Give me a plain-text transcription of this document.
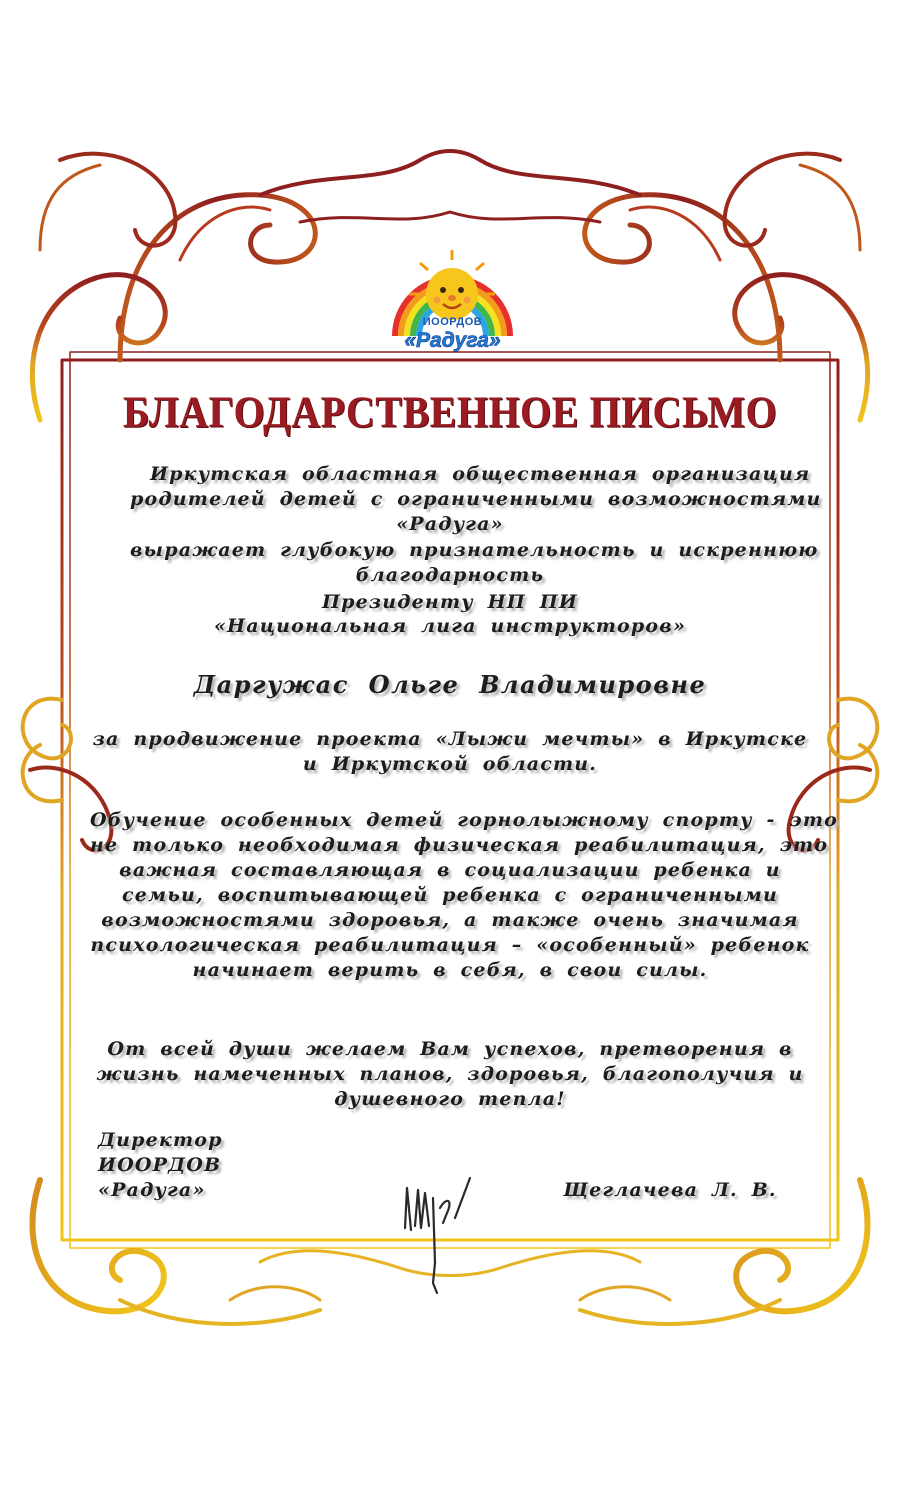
ИООРДОВ
«Радуга»
БЛАГОДАРСТВЕННОЕ ПИСЬМО
Иркутская областная общественная организация
родителей детей с ограниченными возможностями
«Радуга»
выражает глубокую признательность и искреннюю
благодарность
Президенту НП ПИ
«Национальная лига инструкторов»
Даргужас Ольге Владимировне
за продвижение проекта «Лыжи мечты» в Иркутске
и Иркутской области.
Обучение особенных детей горнолыжному спорту - это
не только необходимая физическая реабилитация, это
важная составляющая в социализации ребенка и
семьи, воспитывающей ребенка с ограниченными
возможностями здоровья, а также очень значимая
психологическая реабилитация – «особенный» ребенок
начинает верить в себя, в свои силы.
От всей души желаем Вам успехов, претворения в
жизнь намеченных планов, здоровья, благополучия и
душевного тепла!
Директор
ИООРДОВ
«Радуга»	Щеглачева Л. В.
